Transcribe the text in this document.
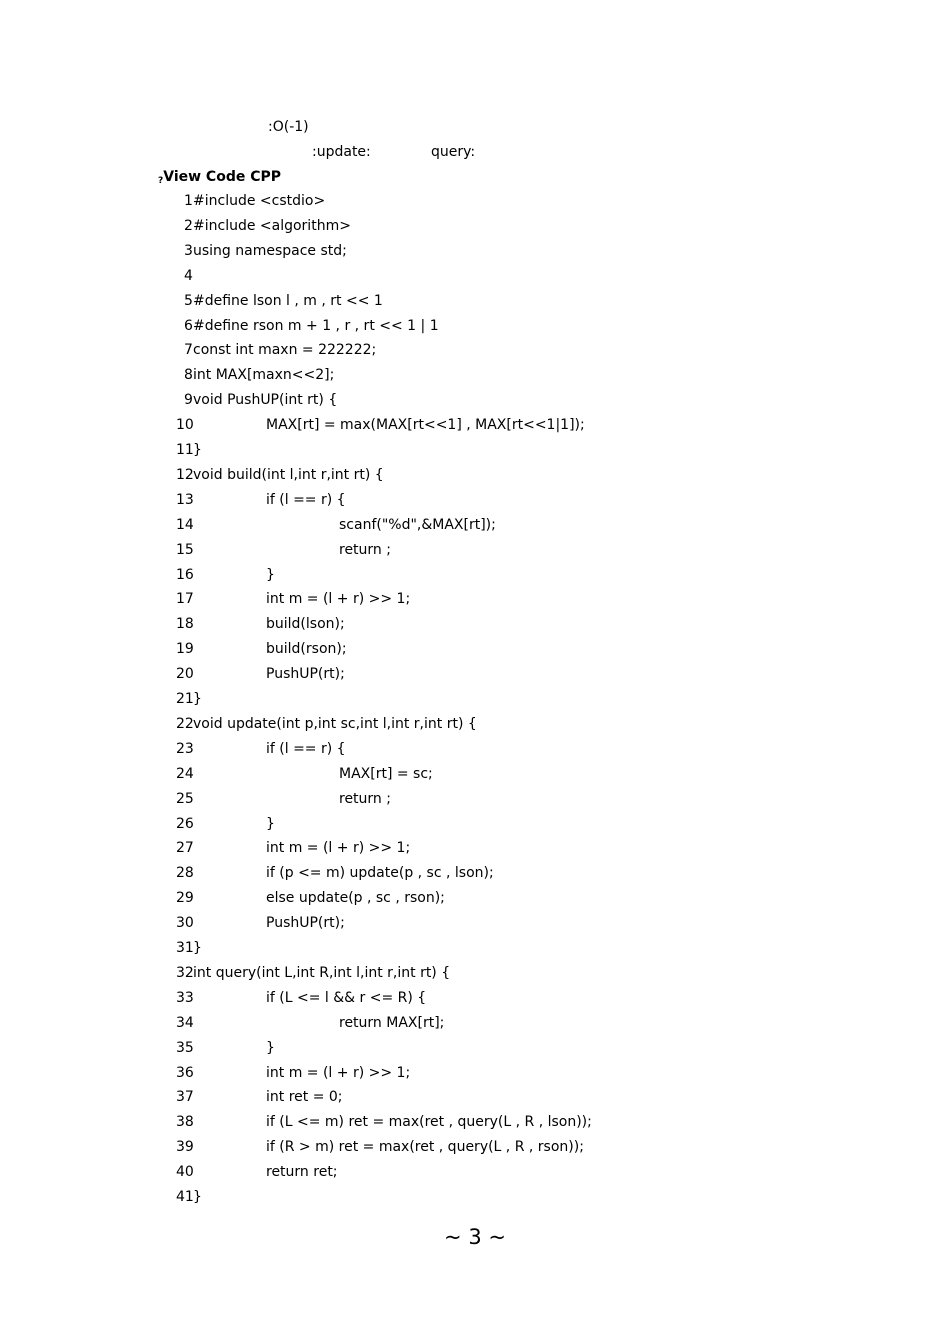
:O(-1)
:update:	query:
?View Code CPP
1 #include <cstdio>
2 #include <algorithm>
3 using namespace std;
4
5 #define lson l , m , rt << 1
6 #define rson m + 1 , r , rt << 1 | 1
7 const int maxn = 222222;
8 int MAX[maxn<<2];
9 void PushUP(int rt) {
10	MAX[rt] = max(MAX[rt<<1] , MAX[rt<<1|1]);
11 }
12 void build(int l,int r,int rt) {
13	if (l == r) {
14	scanf("%d",&MAX[rt]);
15	return ;
16	}
17	int m = (l + r) >> 1;
18	build(lson);
19	build(rson);
20	PushUP(rt);
21 }
22 void update(int p,int sc,int l,int r,int rt) {
23	if (l == r) {
24	MAX[rt] = sc;
25	return ;
26	}
27	int m = (l + r) >> 1;
28	if (p <= m) update(p , sc , lson);
29	else update(p , sc , rson);
30	PushUP(rt);
31 }
32 int query(int L,int R,int l,int r,int rt) {
33	if (L <= l && r <= R) {
34	return MAX[rt];
35	}
36	int m = (l + r) >> 1;
37	int ret = 0;
38	if (L <= m) ret = max(ret , query(L , R , lson));
39	if (R > m) ret = max(ret , query(L , R , rson));
40	return ret;
41 }
~ 3 ~
